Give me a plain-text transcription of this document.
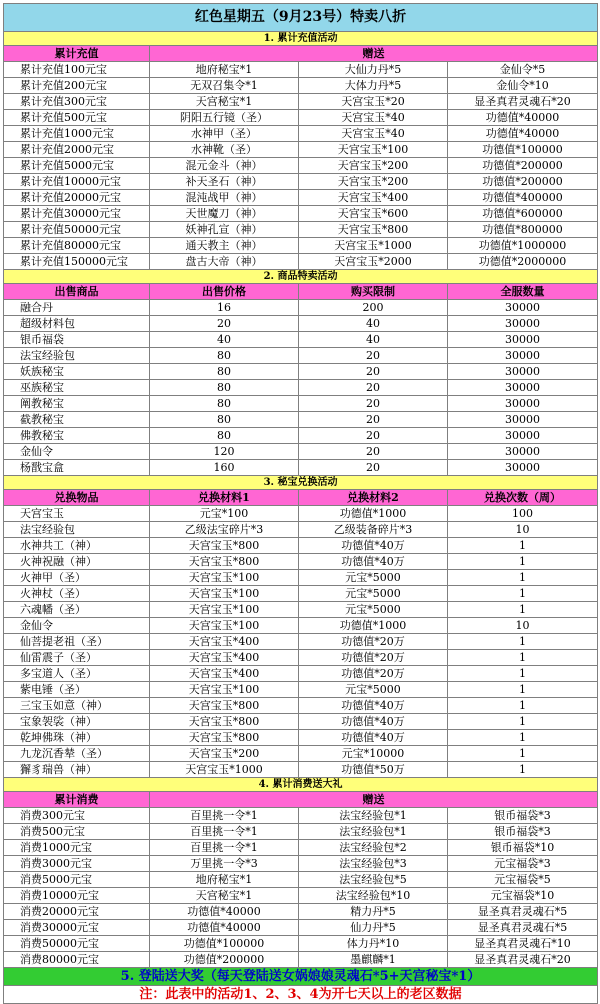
红色星期五（9月23号）特卖八折			
1. 累计充值活动			
累计充值	赠送		
累计充值100元宝	地府秘宝*1	大仙力丹*5	金仙令*5
累计充值200元宝	无双召集令*1	大体力丹*5	金仙令*10
累计充值300元宝	天宫秘宝*1	天宫宝玉*20	显圣真君灵魂石*20
累计充值500元宝	阴阳五行镜（圣）	天宫宝玉*40	功德值*40000
累计充值1000元宝	水神甲（圣）	天宫宝玉*40	功德值*40000
累计充值2000元宝	水神靴（圣）	天宫宝玉*100	功德值*100000
累计充值5000元宝	混元金斗（神）	天宫宝玉*200	功德值*200000
累计充值10000元宝	补天圣石（神）	天宫宝玉*200	功德值*200000
累计充值20000元宝	混沌战甲（神）	天宫宝玉*400	功德值*400000
累计充值30000元宝	天世魔刀（神）	天宫宝玉*600	功德值*600000
累计充值50000元宝	妖神孔宣（神）	天宫宝玉*800	功德值*800000
累计充值80000元宝	通天教主（神）	天宫宝玉*1000	功德值*1000000
累计充值150000元宝	盘古大帝（神）	天宫宝玉*2000	功德值*2000000
2. 商品特卖活动			
出售商品	出售价格	购买限制	全服数量
融合丹	16	200	30000
超级材料包	20	40	30000
银币福袋	40	40	30000
法宝经验包	80	20	30000
妖族秘宝	80	20	30000
巫族秘宝	80	20	30000
阐教秘宝	80	20	30000
截教秘宝	80	20	30000
佛教秘宝	80	20	30000
金仙令	120	20	30000
杨戬宝盒	160	20	30000
3. 秘宝兑换活动			
兑换物品	兑换材料1	兑换材料2	兑换次数（周）
天宫宝玉	元宝*100	功德值*1000	100
法宝经验包	乙级法宝碎片*3	乙级装备碎片*3	10
水神共工（神）	天宫宝玉*800	功德值*40万	1
火神祝融（神）	天宫宝玉*800	功德值*40万	1
火神甲（圣）	天宫宝玉*100	元宝*5000	1
火神杖（圣）	天宫宝玉*100	元宝*5000	1
六魂幡（圣）	天宫宝玉*100	元宝*5000	1
金仙令	天宫宝玉*100	功德值*1000	10
仙菩提老祖（圣）	天宫宝玉*400	功德值*20万	1
仙雷震子（圣）	天宫宝玉*400	功德值*20万	1
多宝道人（圣）	天宫宝玉*400	功德值*20万	1
紫电锤（圣）	天宫宝玉*100	元宝*5000	1
三宝玉如意（神）	天宫宝玉*800	功德值*40万	1
宝象袈裟（神）	天宫宝玉*800	功德值*40万	1
乾坤佛珠（神）	天宫宝玉*800	功德值*40万	1
九龙沉香辇（圣）	天宫宝玉*200	元宝*10000	1
獬豸瑞兽（神）	天宫宝玉*1000	功德值*50万	1
4. 累计消费送大礼			
累计消费	赠送		
消费300元宝	百里挑一令*1	法宝经验包*1	银币福袋*3
消费500元宝	百里挑一令*1	法宝经验包*1	银币福袋*3
消费1000元宝	百里挑一令*1	法宝经验包*2	银币福袋*10
消费3000元宝	万里挑一令*3	法宝经验包*3	元宝福袋*3
消费5000元宝	地府秘宝*1	法宝经验包*5	元宝福袋*5
消费10000元宝	天宫秘宝*1	法宝经验包*10	元宝福袋*10
消费20000元宝	功德值*40000	精力丹*5	显圣真君灵魂石*5
消费30000元宝	功德值*40000	仙力丹*5	显圣真君灵魂石*5
消费50000元宝	功德值*100000	体力丹*10	显圣真君灵魂石*10
消费80000元宝	功德值*200000	墨麒麟*1	显圣真君灵魂石*20
5. 登陆送大奖（每天登陆送女娲娘娘灵魂石*5+天宫秘宝*1）			
注：此表中的活动1、2、3、4为开七天以上的老区数据			
